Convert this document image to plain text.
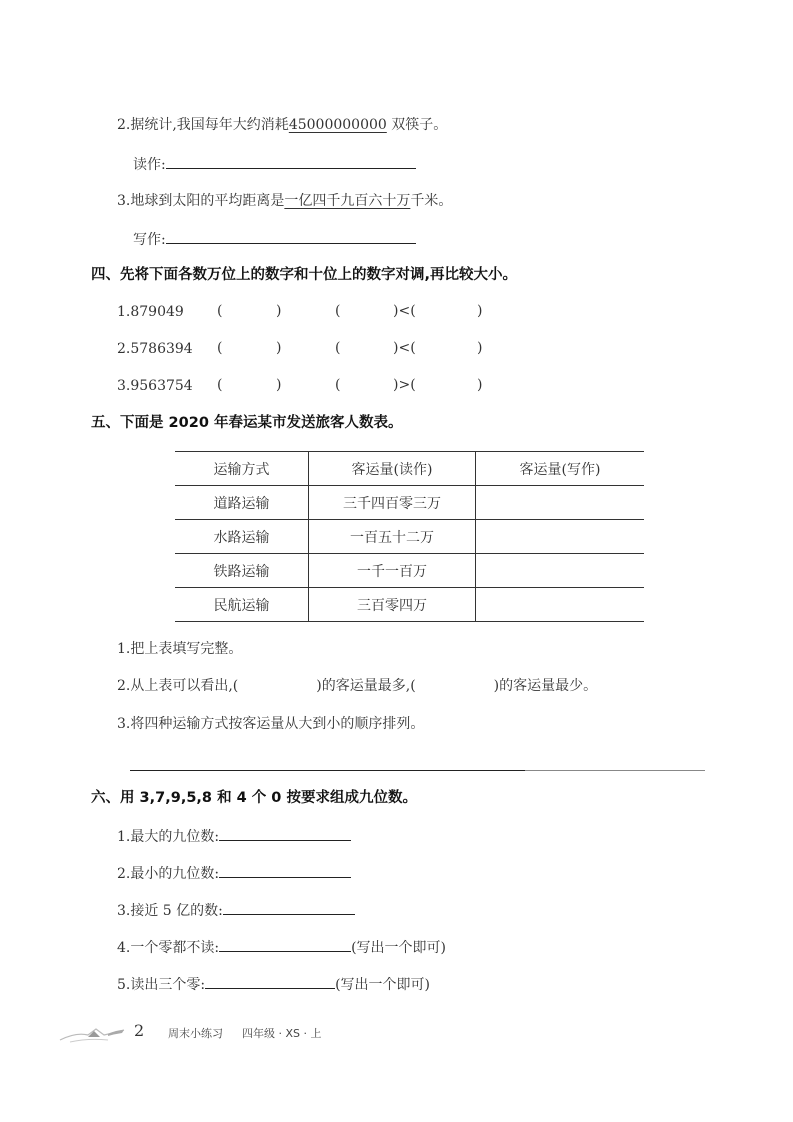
2.据统计,我国每年大约消耗45000000000 双筷子。
读作:
3.地球到太阳的平均距离是一亿四千九百六十万千米。
写作:
四、先将下面各数万位上的数字和十位上的数字对调,再比较大小。
1.879049 (	)	(	)<(	)
2.5786394 (	)	(	)<(	)
3.9563754 (	)	(	)>(	)
五、下面是 2020 年春运某市发送旅客人数表。
运输方式	客运量(读作)	客运量(写作)
道路运输	三千四百零三万	
水路运输	一百五十二万	
铁路运输	一千一百万	
民航运输	三百零四万	
1.把上表填写完整。
2.从上表可以看出,(	)的客运量最多,(	)的客运量最少。
3.将四种运输方式按客运量从大到小的顺序排列。
六、用 3,7,9,5,8 和 4 个 0 按要求组成九位数。
1.最大的九位数:
2.最小的九位数:
3.接近 5 亿的数:
4.一个零都不读:	(写出一个即可)
5.读出三个零:	(写出一个即可)
2 周末小练习 四年级 · XS · 上
